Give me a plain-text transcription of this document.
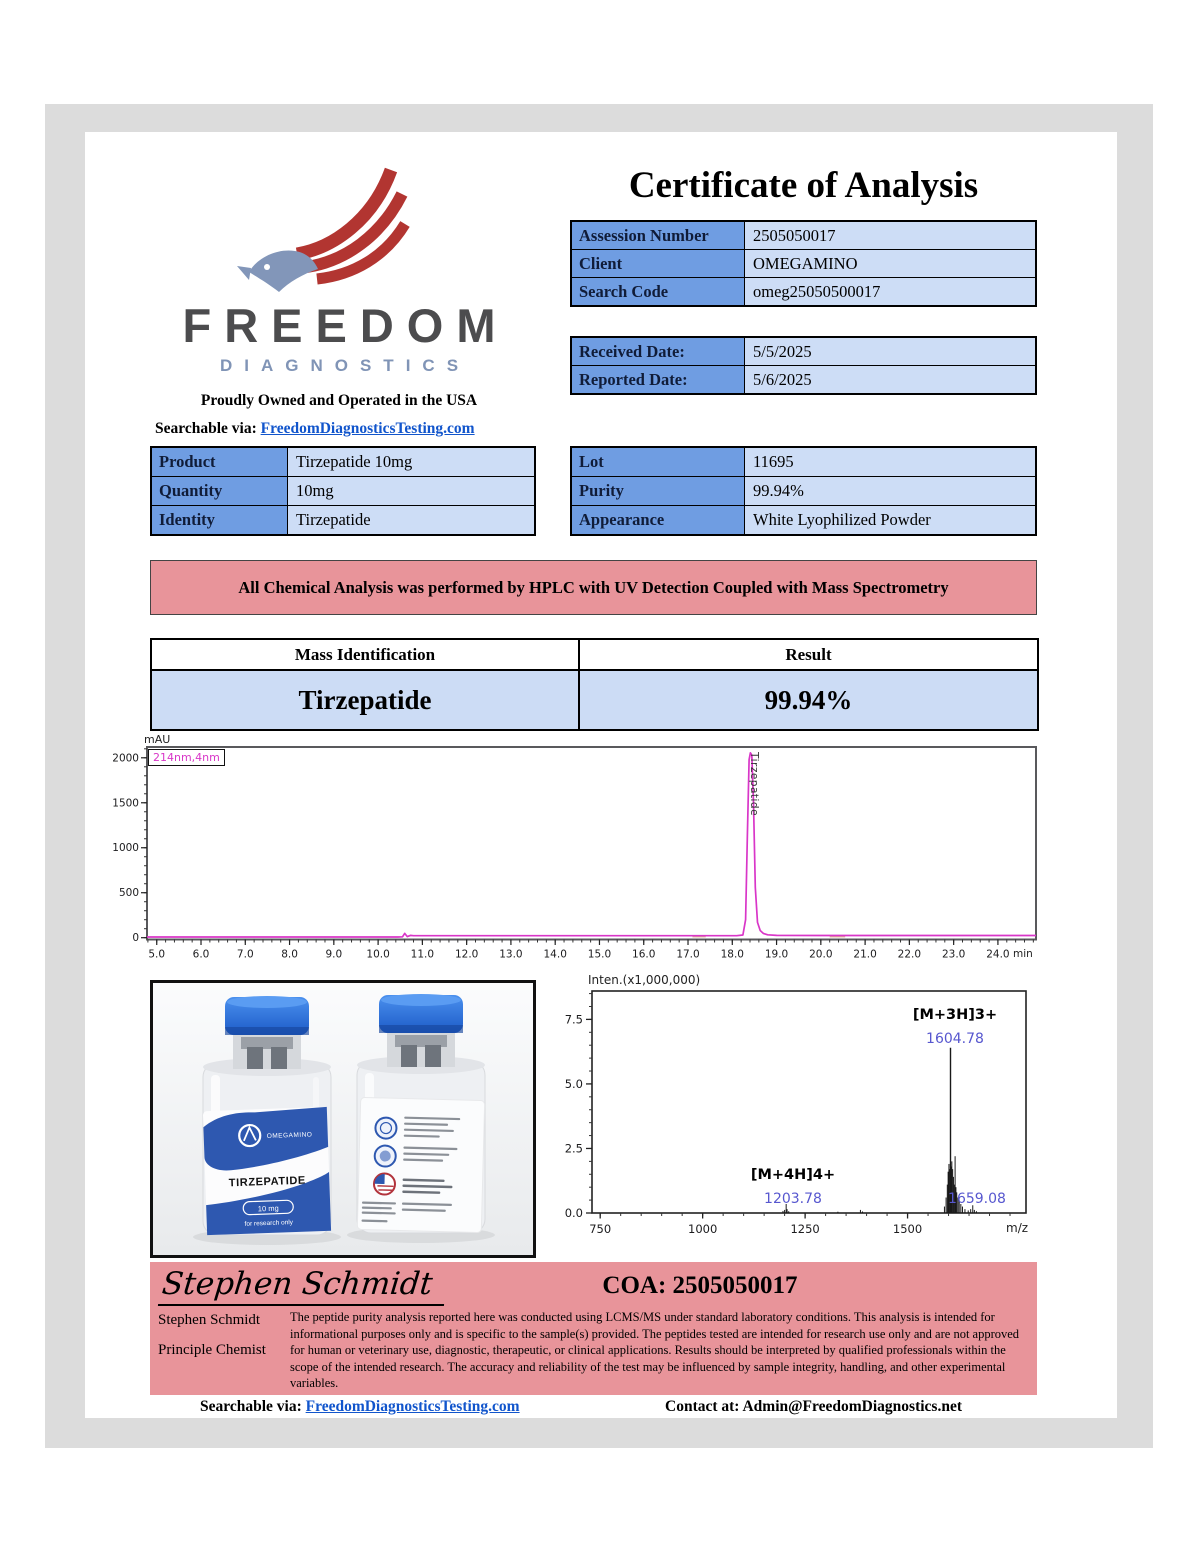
FREEDOM
DIAGNOSTICS
Proudly Owned and Operated in the USA
Searchable via: FreedomDiagnosticsTesting.com
Certificate of Analysis
Assession Number	2505050017
Client	OMEGAMINO
Search Code	omeg25050500017
Received Date:	5/5/2025
Reported Date:	5/6/2025
Product	Tirzepatide 10mg
Quantity	10mg
Identity	Tirzepatide
Lot	11695
Purity	99.94%
Appearance	White Lyophilized Powder
All Chemical Analysis was performed by HPLC with UV Detection Coupled with Mass Spectrometry
Mass Identification	Result
Tirzepatide	99.94%
mAU
5.0	6.0	7.0	8.0	9.0 10.0 11.0 12.0 13.0 14.0 15.0 16.0 17.0 18.0 19.0 20.0 21.0 22.0 23.0 24.0
0
500
1000
1500
2000	214nm,4nm
min
Tirzepatide
OMEGAMINO
TIRZEPATIDE
10 mg
for research only
Inten.(x1,000,000)
750	1000	1250	1500
0.0
2.5
5.0
7.5
m/z
[M+3H]3+
1604.78
[M+4H]4+
1203.78	1659.08
Stephen Schmidt	COA: 2505050017
Stephen Schmidt
Principle Chemist
The peptide purity analysis reported here was conducted using LCMS/MS under standard laboratory conditions. This analysis is intended for informational purposes only and is specific to the sample(s) provided. The peptides tested are intended for research use only and are not approved for human or veterinary use, diagnostic, therapeutic, or clinical applications. Results should be interpreted by qualified professionals within the scope of the intended research. The accuracy and reliability of the test may be influenced by sample integrity, handling, and other experimental variables.
Searchable via: FreedomDiagnosticsTesting.com	Contact at: Admin@FreedomDiagnostics.net
